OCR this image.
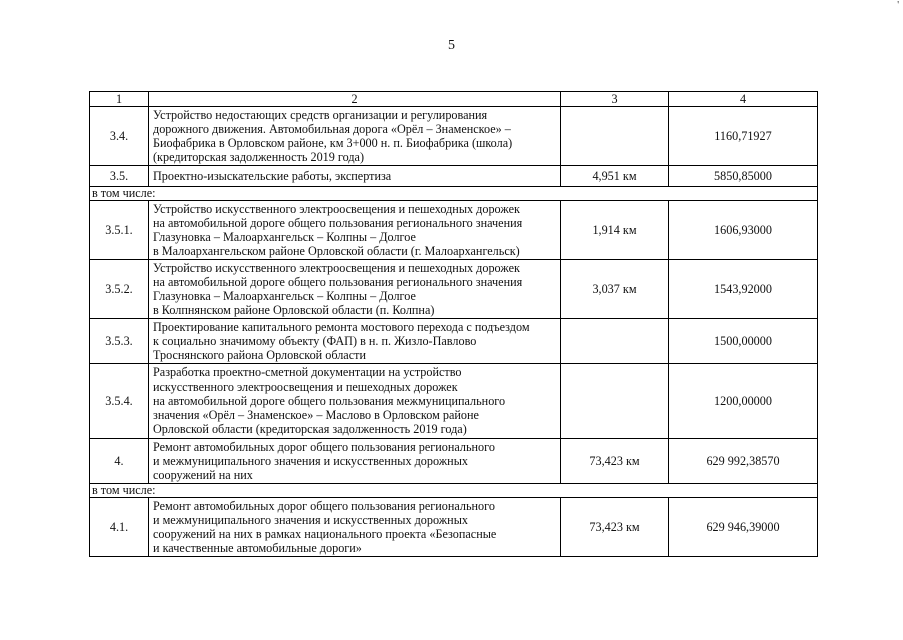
'
5
1	2	3	4
3.4.	Устройство недостающих средств организации и регулирования
дорожного движения. Автомобильная дорога «Орёл – Знаменское» –
Биофабрика в Орловском районе, км 3+000 н. п. Биофабрика (школа)
(кредиторская задолженность 2019 года)		1160,71927
3.5.	Проектно-изыскательские работы, экспертиза	4,951 км	5850,85000
в том числе:			
3.5.1.	Устройство искусственного электроосвещения и пешеходных дорожек
на автомобильной дороге общего пользования регионального значения
Глазуновка – Малоархангельск – Колпны – Долгое
в Малоархангельском районе Орловской области (г. Малоархангельск)	1,914 км	1606,93000
3.5.2.	Устройство искусственного электроосвещения и пешеходных дорожек
на автомобильной дороге общего пользования регионального значения
Глазуновка – Малоархангельск – Колпны – Долгое
в Колпнянском районе Орловской области (п. Колпна)	3,037 км	1543,92000
3.5.3.	Проектирование капитального ремонта мостового перехода с подъездом
к социально значимому объекту (ФАП) в н. п. Жизло-Павлово
Троснянского района Орловской области		1500,00000
3.5.4.	Разработка проектно-сметной документации на устройство
искусственного электроосвещения и пешеходных дорожек
на автомобильной дороге общего пользования межмуниципального
значения «Орёл – Знаменское» – Маслово в Орловском районе
Орловской области (кредиторская задолженность 2019 года)		1200,00000
4.	Ремонт автомобильных дорог общего пользования регионального
и межмуниципального значения и искусственных дорожных
сооружений на них	73,423 км	629 992,38570
в том числе:			
4.1.	Ремонт автомобильных дорог общего пользования регионального
и межмуниципального значения и искусственных дорожных
сооружений на них в рамках национального проекта «Безопасные
и качественные автомобильные дороги»	73,423 км	629 946,39000
